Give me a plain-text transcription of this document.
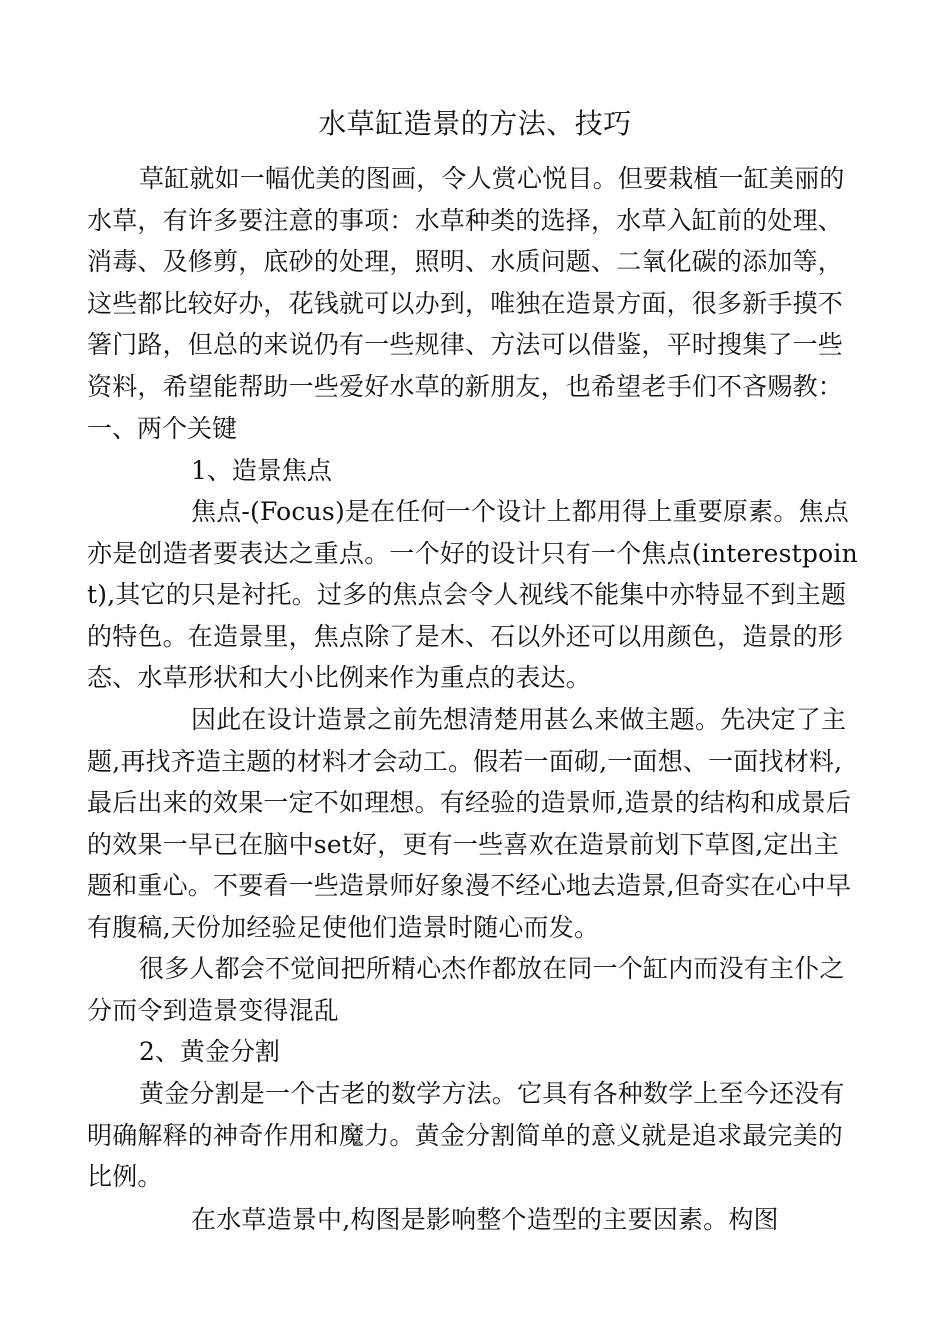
水草缸造景的方法、技巧

草缸就如一幅优美的图画，令人赏心悦目。但要栽植一缸美丽的水草，有许多要注意的事项：水草种类的选择，水草入缸前的处理、消毒、及修剪，底砂的处理，照明、水质问题、二氧化碳的添加等，这些都比较好办，花钱就可以办到，唯独在造景方面，很多新手摸不箸门路，但总的来说仍有一些规律、方法可以借鉴，平时搜集了一些资料，希望能帮助一些爱好水草的新朋友，也希望老手们不吝赐教：

一、两个关键

1、造景焦点

焦点-(Focus)是在任何一个设计上都用得上重要原素。焦点亦是创造者要表达之重点。一个好的设计只有一个焦点(interestpoint),其它的只是衬托。过多的焦点会令人视线不能集中亦特显不到主题的特色。在造景里，焦点除了是木、石以外还可以用颜色，造景的形态、水草形状和大小比例来作为重点的表达。

因此在设计造景之前先想清楚用甚么来做主题。先决定了主题,再找齐造主题的材料才会动工。假若一面砌,一面想、一面找材料,最后出来的效果一定不如理想。有经验的造景师,造景的结构和成景后的效果一早已在脑中set好，更有一些喜欢在造景前划下草图,定出主题和重心。不要看一些造景师好象漫不经心地去造景,但奇实在心中早有腹稿,天份加经验足使他们造景时随心而发。

很多人都会不觉间把所精心杰作都放在同一个缸内而没有主仆之分而令到造景变得混乱

2、黄金分割

黄金分割是一个古老的数学方法。它具有各种数学上至今还没有明确解释的神奇作用和魔力。黄金分割简单的意义就是追求最完美的比例。

在水草造景中,构图是影响整个造型的主要因素。构图
